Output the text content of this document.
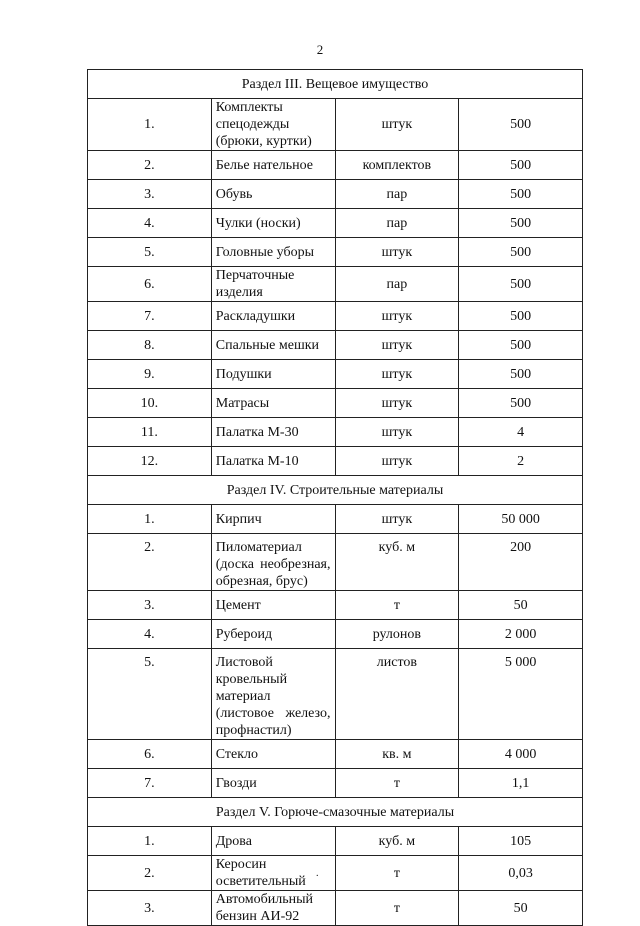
2
Раздел III. Вещевое имущество			
1.	Комплекты спецодежды (брюки, куртки)	штук	500
2.	Белье нательное	комплектов	500
3.	Обувь	пар	500
4.	Чулки (носки)	пар	500
5.	Головные уборы	штук	500
6.	Перчаточные изделия	пар	500
7.	Раскладушки	штук	500
8.	Спальные мешки	штук	500
9.	Подушки	штук	500
10.	Матрасы	штук	500
11.	Палатка М-30	штук	4
12.	Палатка М-10	штук	2
Раздел IV. Строительные материалы			
1.	Кирпич	штук	50 000
2.	Пиломатериал (доска необрезная, обрезная, брус)	куб. м	200
3.	Цемент	т	50
4.	Рубероид	рулонов	2 000
5.	Листовой кровельный материал (листовое железо, профнастил)	листов	5 000
6.	Стекло	кв. м	4 000
7.	Гвозди	т	1,1
Раздел V. Горюче-смазочные материалы			
1.	Дрова	куб. м	105
2.	Керосин осветительный	т	0,03
3.	Автомобильный бензин АИ-92	т	50
.
